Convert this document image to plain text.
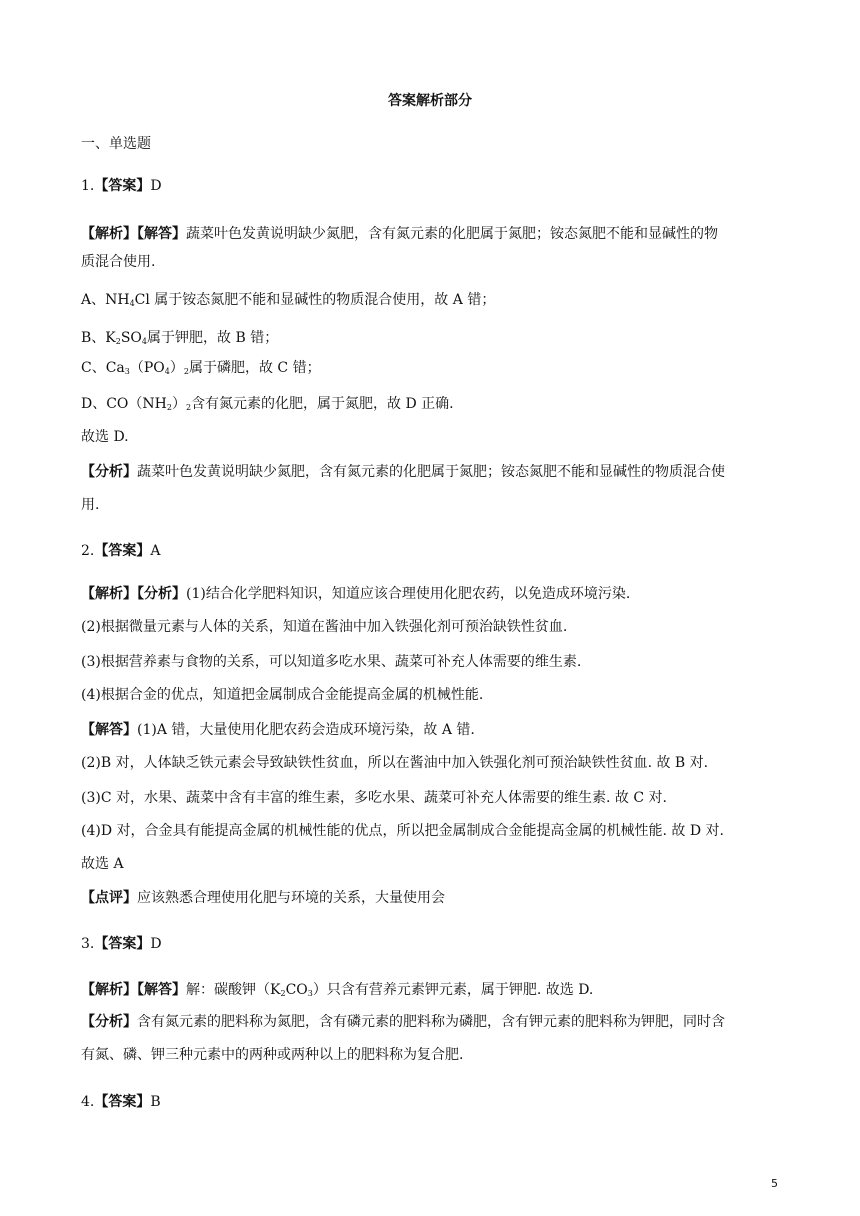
答案解析部分
一、单选题
1.【答案】D
【解析】【解答】蔬菜叶色发黄说明缺少氮肥，含有氮元素的化肥属于氮肥；铵态氮肥不能和显碱性的物
质混合使用.
A、$NH_4Cl$ 属于铵态氮肥不能和显碱性的物质混合使用，故 A 错；
B、$K_2SO_4$属于钾肥，故 B 错；
C、$Ca_3(PO_4)_2$属于磷肥，故 C 错；
D、$CO(NH_2)_2$含有氮元素的化肥，属于氮肥，故 D 正确.
故选 D.
【分析】蔬菜叶色发黄说明缺少氮肥，含有氮元素的化肥属于氮肥；铵态氮肥不能和显碱性的物质混合使
用.
2.【答案】A
【解析】【分析】(1)结合化学肥料知识，知道应该合理使用化肥农药，以免造成环境污染.
(2)根据微量元素与人体的关系，知道在酱油中加入铁强化剂可预治缺铁性贫血.
(3)根据营养素与食物的关系，可以知道多吃水果、蔬菜可补充人体需要的维生素.
(4)根据合金的优点，知道把金属制成合金能提高金属的机械性能.
【解答】(1)A 错，大量使用化肥农药会造成环境污染，故 A 错.
(2)B 对，人体缺乏铁元素会导致缺铁性贫血，所以在酱油中加入铁强化剂可预治缺铁性贫血. 故 B 对.
(3)C 对，水果、蔬菜中含有丰富的维生素，多吃水果、蔬菜可补充人体需要的维生素. 故 C 对.
(4)D 对，合金具有能提高金属的机械性能的优点，所以把金属制成合金能提高金属的机械性能. 故 D 对.
故选 A
【点评】应该熟悉合理使用化肥与环境的关系，大量使用会
3.【答案】D
【解析】【解答】解：碳酸钾$(K_2CO_3)$只含有营养元素钾元素，属于钾肥. 故选 D.
【分析】含有氮元素的肥料称为氮肥，含有磷元素的肥料称为磷肥，含有钾元素的肥料称为钾肥，同时含
有氮、磷、钾三种元素中的两种或两种以上的肥料称为复合肥.
4.【答案】B
5
